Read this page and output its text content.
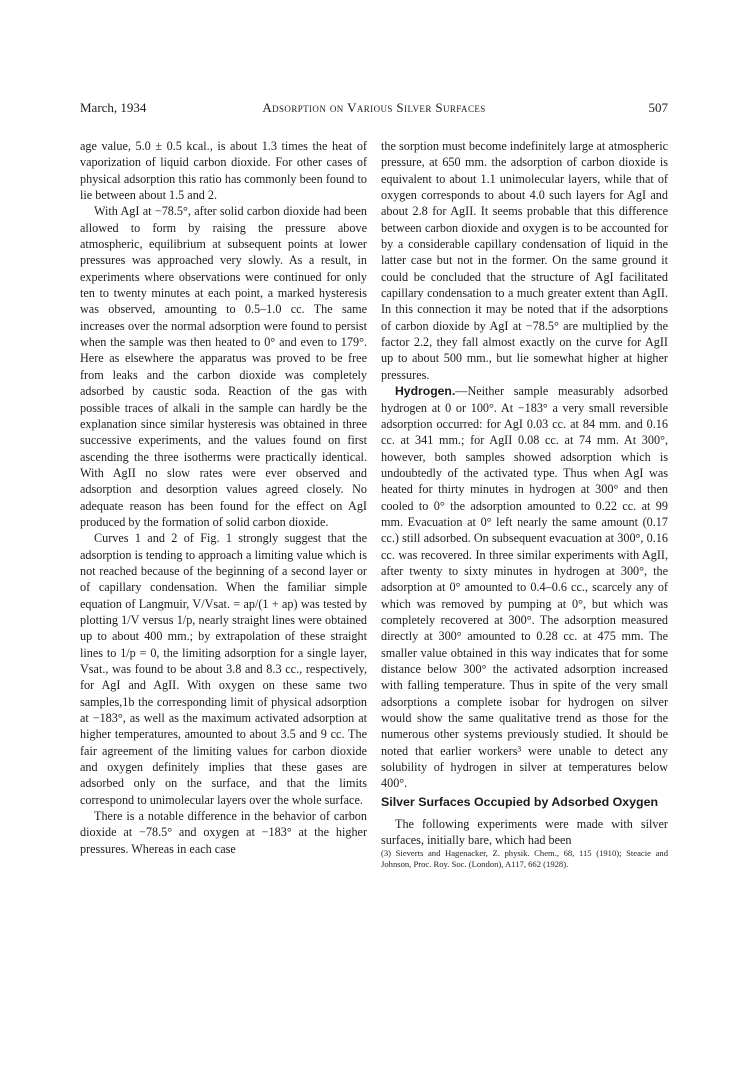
March, 1934	Adsorption on Various Silver Surfaces	507

age value, 5.0 ± 0.5 kcal., is about 1.3 times the heat of vaporization of liquid carbon dioxide. For other cases of physical adsorption this ratio has commonly been found to lie between about 1.5 and 2.

With AgI at −78.5°, after solid carbon dioxide had been allowed to form by raising the pressure above atmospheric, equilibrium at subsequent points at lower pressures was approached very slowly. As a result, in experiments where observations were continued for only ten to twenty minutes at each point, a marked hysteresis was observed, amounting to 0.5–1.0 cc. The same increases over the normal adsorption were found to persist when the sample was then heated to 0° and even to 179°. Here as elsewhere the apparatus was proved to be free from leaks and the carbon dioxide was completely adsorbed by caustic soda. Reaction of the gas with possible traces of alkali in the sample can hardly be the explanation since similar hysteresis was obtained in three successive experiments, and the values found on first ascending the three isotherms were practically identical. With AgII no slow rates were ever observed and adsorption and desorption values agreed closely. No adequate reason has been found for the effect on AgI produced by the formation of solid carbon dioxide.

Curves 1 and 2 of Fig. 1 strongly suggest that the adsorption is tending to approach a limiting value which is not reached because of the beginning of a second layer or of capillary condensation. When the familiar simple equation of Langmuir, V/Vsat. = ap/(1 + ap) was tested by plotting 1/V versus 1/p, nearly straight lines were obtained up to about 400 mm.; by extrapolation of these straight lines to 1/p = 0, the limiting adsorption for a single layer, Vsat., was found to be about 3.8 and 8.3 cc., respectively, for AgI and AgII. With oxygen on these same two samples,1b the corresponding limit of physical adsorption at −183°, as well as the maximum activated adsorption at higher temperatures, amounted to about 3.5 and 9 cc. The fair agreement of the limiting values for carbon dioxide and oxygen definitely implies that these gases are adsorbed only on the surface, and that the limits correspond to unimolecular layers over the whole surface.

There is a notable difference in the behavior of carbon dioxide at −78.5° and oxygen at −183° at the higher pressures. Whereas in each case

the sorption must become indefinitely large at atmospheric pressure, at 650 mm. the adsorption of carbon dioxide is equivalent to about 1.1 unimolecular layers, while that of oxygen corresponds to about 4.0 such layers for AgI and about 2.8 for AgII. It seems probable that this difference between carbon dioxide and oxygen is to be accounted for by a considerable capillary condensation of liquid in the latter case but not in the former. On the same ground it could be concluded that the structure of AgI facilitated capillary condensation to a much greater extent than AgII. In this connection it may be noted that if the adsorptions of carbon dioxide by AgI at −78.5° are multiplied by the factor 2.2, they fall almost exactly on the curve for AgII up to about 500 mm., but lie somewhat higher at higher pressures.

Hydrogen.—Neither sample measurably adsorbed hydrogen at 0 or 100°. At −183° a very small reversible adsorption occurred: for AgI 0.03 cc. at 84 mm. and 0.16 cc. at 341 mm.; for AgII 0.08 cc. at 74 mm. At 300°, however, both samples showed adsorption which is undoubtedly of the activated type. Thus when AgI was heated for thirty minutes in hydrogen at 300° and then cooled to 0° the adsorption amounted to 0.22 cc. at 99 mm. Evacuation at 0° left nearly the same amount (0.17 cc.) still adsorbed. On subsequent evacuation at 300°, 0.16 cc. was recovered. In three similar experiments with AgII, after twenty to sixty minutes in hydrogen at 300°, the adsorption at 0° amounted to 0.4–0.6 cc., scarcely any of which was removed by pumping at 0°, but which was completely recovered at 300°. The adsorption measured directly at 300° amounted to 0.28 cc. at 475 mm. The smaller value obtained in this way indicates that for some distance below 300° the activated adsorption increased with falling temperature. Thus in spite of the very small adsorptions a complete isobar for hydrogen on silver would show the same qualitative trend as those for the numerous other systems previously studied. It should be noted that earlier workers³ were unable to detect any solubility of hydrogen in silver at temperatures below 400°.

Silver Surfaces Occupied by Adsorbed Oxygen

The following experiments were made with silver surfaces, initially bare, which had been

(3) Sieverts and Hagenacker, Z. physik. Chem., 68, 115 (1910); Steacie and Johnson, Proc. Roy. Soc. (London), A117, 662 (1928).
